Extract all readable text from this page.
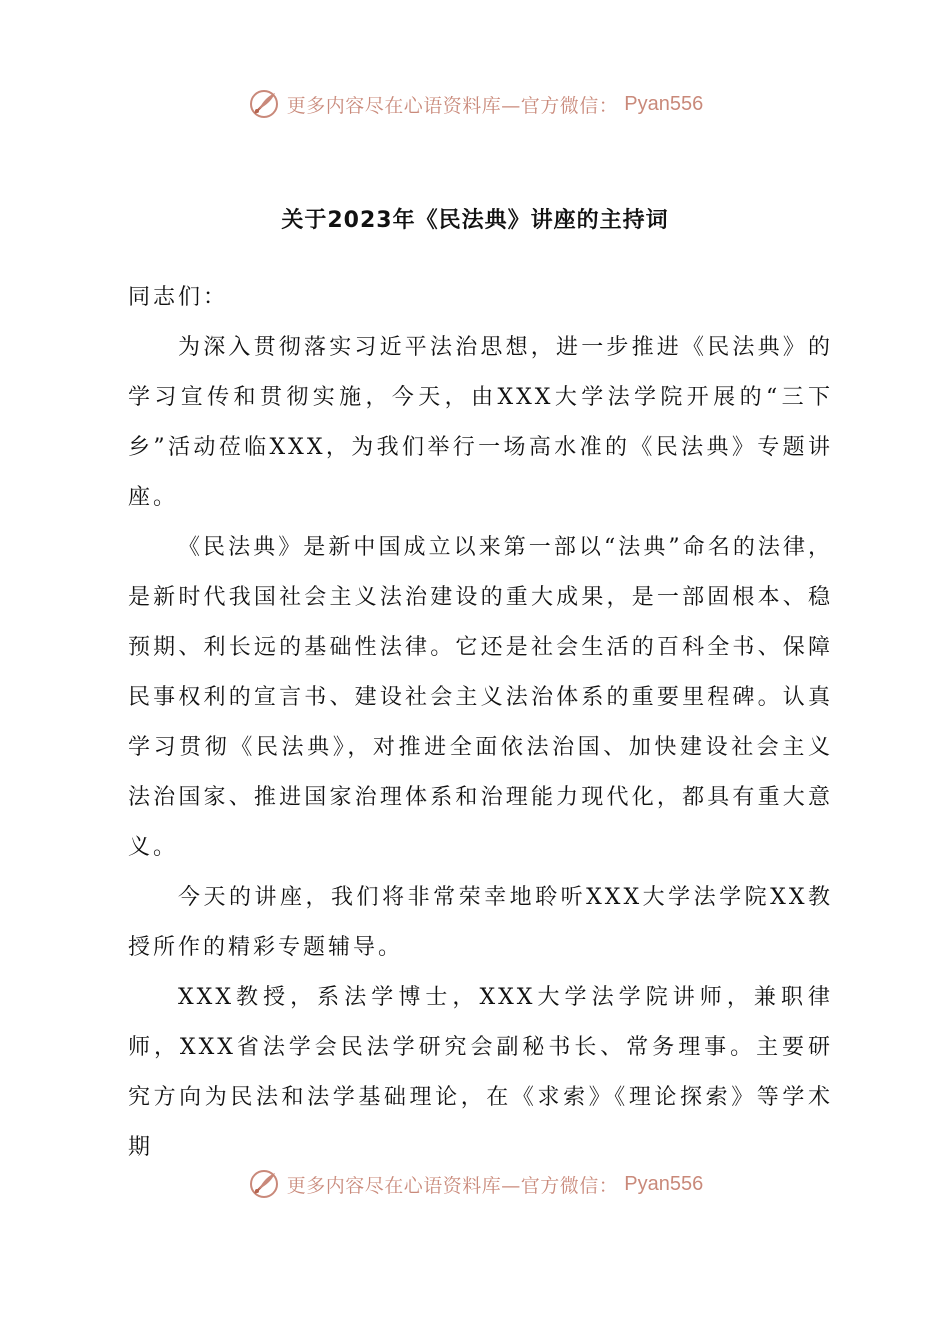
更多内容尽在心语资料库—官方微信： Pyan556
关于2023年《民法典》讲座的主持词

同志们：

为深入贯彻落实习近平法治思想，进一步推进《民法典》的学习宣传和贯彻实施，今天，由XXX大学法学院开展的“三下乡”活动莅临XXX，为我们举行一场高水准的《民法典》专题讲座。

《民法典》是新中国成立以来第一部以“法典”命名的法律，是新时代我国社会主义法治建设的重大成果，是一部固根本、稳预期、利长远的基础性法律。它还是社会生活的百科全书、保障民事权利的宣言书、建设社会主义法治体系的重要里程碑。认真学习贯彻《民法典》，对推进全面依法治国、加快建设社会主义法治国家、推进国家治理体系和治理能力现代化，都具有重大意义。

今天的讲座，我们将非常荣幸地聆听XXX大学法学院XX教授所作的精彩专题辅导。

XXX教授，系法学博士，XXX大学法学院讲师，兼职律师，XXX省法学会民法学研究会副秘书长、常务理事。主要研究方向为民法和法学基础理论，在《求索》《理论探索》等学术期

更多内容尽在心语资料库—官方微信： Pyan556
